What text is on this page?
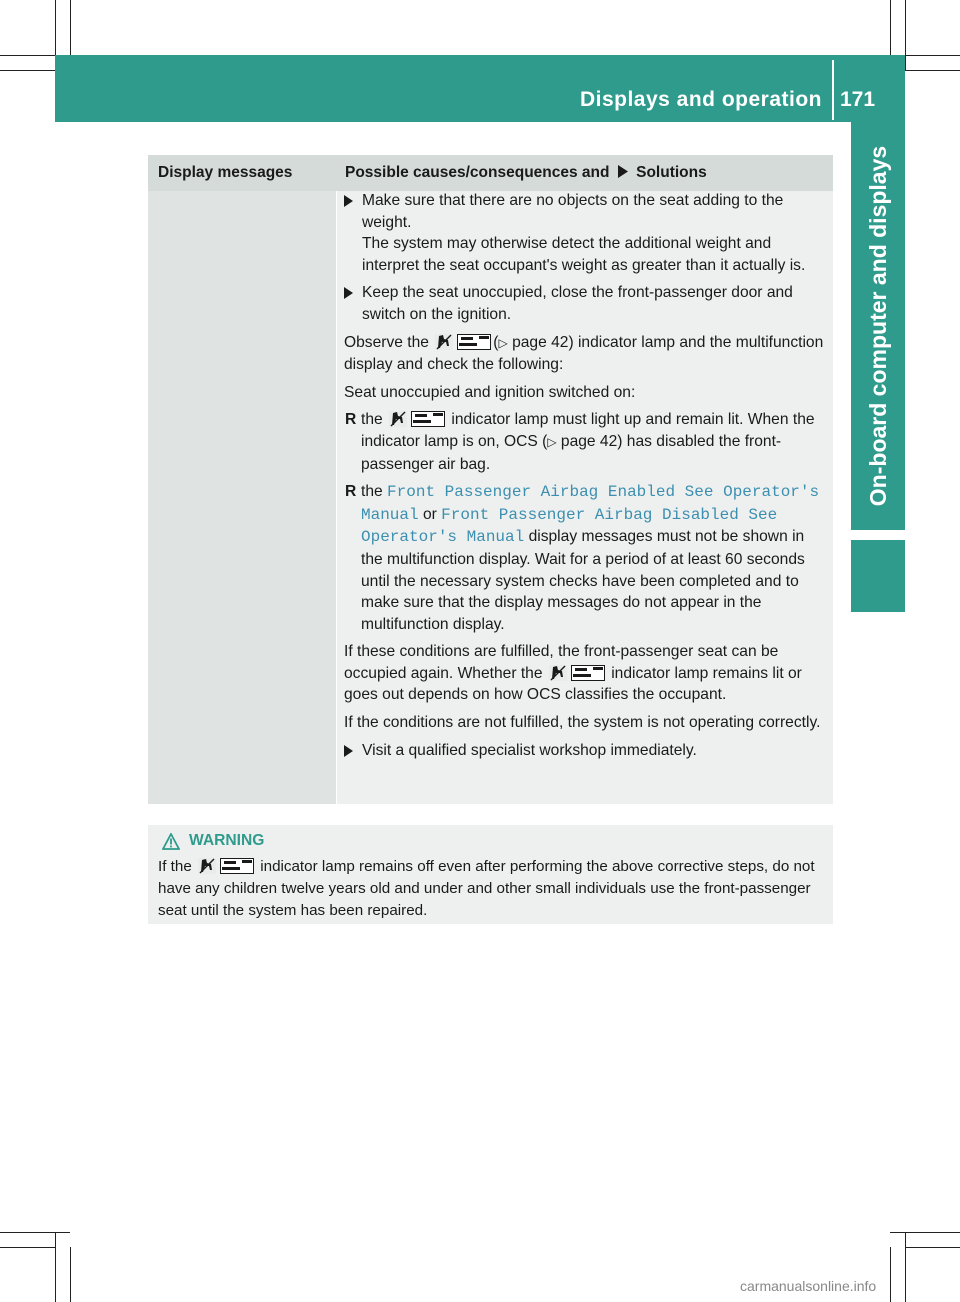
Displays and operation 171
On-board computer and displays
Display messages	Possible causes/consequences and Solutions
Make sure that there are no objects on the seat adding to the weight.
The system may otherwise detect the additional weight and interpret the seat occupant's weight as greater than it actually is.
Keep the seat unoccupied, close the front-passenger door and switch on the ignition.

Observe the	(▷ page 42) indicator lamp and the multifunction display and check the following:

Seat unoccupied and ignition switched on:

R the	indicator lamp must light up and remain lit. When the indicator lamp is on, OCS (▷ page 42) has disabled the front-passenger air bag.
R the Front Passenger Airbag Enabled See Operator's Manual or Front Passenger Airbag Disabled See Operator's Manual display messages must not be shown in the multifunction display. Wait for a period of at least 60 seconds until the necessary system checks have been completed and to make sure that the display messages do not appear in the multifunction display.

If these conditions are fulfilled, the front-passenger seat can be occupied again. Whether the	indicator lamp remains lit or goes out depends on how OCS classifies the occupant.

If the conditions are not fulfilled, the system is not operating correctly.

Visit a qualified specialist workshop immediately.
WARNING
If the	indicator lamp remains off even after performing the above corrective steps, do not have any children twelve years old and under and other small individuals use the front-passenger seat until the system has been repaired.
carmanualsonline.info
